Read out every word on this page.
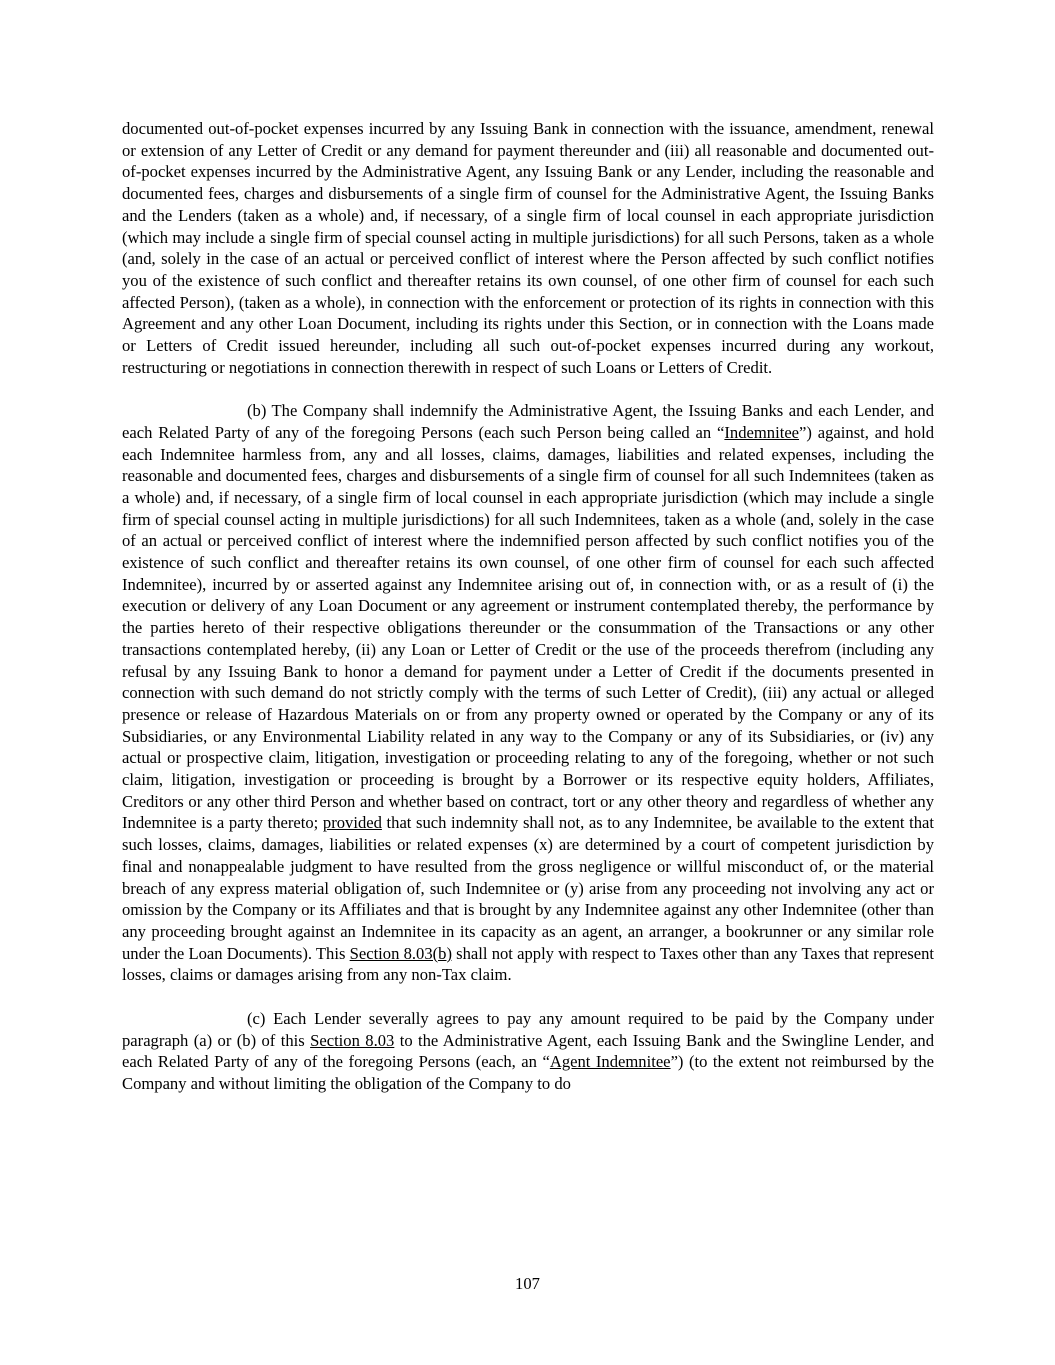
documented out-of-pocket expenses incurred by any Issuing Bank in connection with the issuance, amendment, renewal or extension of any Letter of Credit or any demand for payment thereunder and (iii) all reasonable and documented out-of-pocket expenses incurred by the Administrative Agent, any Issuing Bank or any Lender, including the reasonable and documented fees, charges and disbursements of a single firm of counsel for the Administrative Agent, the Issuing Banks and the Lenders (taken as a whole) and, if necessary, of a single firm of local counsel in each appropriate jurisdiction (which may include a single firm of special counsel acting in multiple jurisdictions) for all such Persons, taken as a whole (and, solely in the case of an actual or perceived conflict of interest where the Person affected by such conflict notifies you of the existence of such conflict and thereafter retains its own counsel, of one other firm of counsel for each such affected Person), (taken as a whole), in connection with the enforcement or protection of its rights in connection with this Agreement and any other Loan Document, including its rights under this Section, or in connection with the Loans made or Letters of Credit issued hereunder, including all such out-of-pocket expenses incurred during any workout, restructuring or negotiations in connection therewith in respect of such Loans or Letters of Credit.

(b) The Company shall indemnify the Administrative Agent, the Issuing Banks and each Lender, and each Related Party of any of the foregoing Persons (each such Person being called an “Indemnitee”) against, and hold each Indemnitee harmless from, any and all losses, claims, damages, liabilities and related expenses, including the reasonable and documented fees, charges and disbursements of a single firm of counsel for all such Indemnitees (taken as a whole) and, if necessary, of a single firm of local counsel in each appropriate jurisdiction (which may include a single firm of special counsel acting in multiple jurisdictions) for all such Indemnitees, taken as a whole (and, solely in the case of an actual or perceived conflict of interest where the indemnified person affected by such conflict notifies you of the existence of such conflict and thereafter retains its own counsel, of one other firm of counsel for each such affected Indemnitee), incurred by or asserted against any Indemnitee arising out of, in connection with, or as a result of (i) the execution or delivery of any Loan Document or any agreement or instrument contemplated thereby, the performance by the parties hereto of their respective obligations thereunder or the consummation of the Transactions or any other transactions contemplated hereby, (ii) any Loan or Letter of Credit or the use of the proceeds therefrom (including any refusal by any Issuing Bank to honor a demand for payment under a Letter of Credit if the documents presented in connection with such demand do not strictly comply with the terms of such Letter of Credit), (iii) any actual or alleged presence or release of Hazardous Materials on or from any property owned or operated by the Company or any of its Subsidiaries, or any Environmental Liability related in any way to the Company or any of its Subsidiaries, or (iv) any actual or prospective claim, litigation, investigation or proceeding relating to any of the foregoing, whether or not such claim, litigation, investigation or proceeding is brought by a Borrower or its respective equity holders, Affiliates, Creditors or any other third Person and whether based on contract, tort or any other theory and regardless of whether any Indemnitee is a party thereto; provided that such indemnity shall not, as to any Indemnitee, be available to the extent that such losses, claims, damages, liabilities or related expenses (x) are determined by a court of competent jurisdiction by final and nonappealable judgment to have resulted from the gross negligence or willful misconduct of, or the material breach of any express material obligation of, such Indemnitee or (y) arise from any proceeding not involving any act or omission by the Company or its Affiliates and that is brought by any Indemnitee against any other Indemnitee (other than any proceeding brought against an Indemnitee in its capacity as an agent, an arranger, a bookrunner or any similar role under the Loan Documents). This Section 8.03(b) shall not apply with respect to Taxes other than any Taxes that represent losses, claims or damages arising from any non-Tax claim.

(c) Each Lender severally agrees to pay any amount required to be paid by the Company under paragraph (a) or (b) of this Section 8.03 to the Administrative Agent, each Issuing Bank and the Swingline Lender, and each Related Party of any of the foregoing Persons (each, an “Agent Indemnitee”) (to the extent not reimbursed by the Company and without limiting the obligation of the Company to do

107
